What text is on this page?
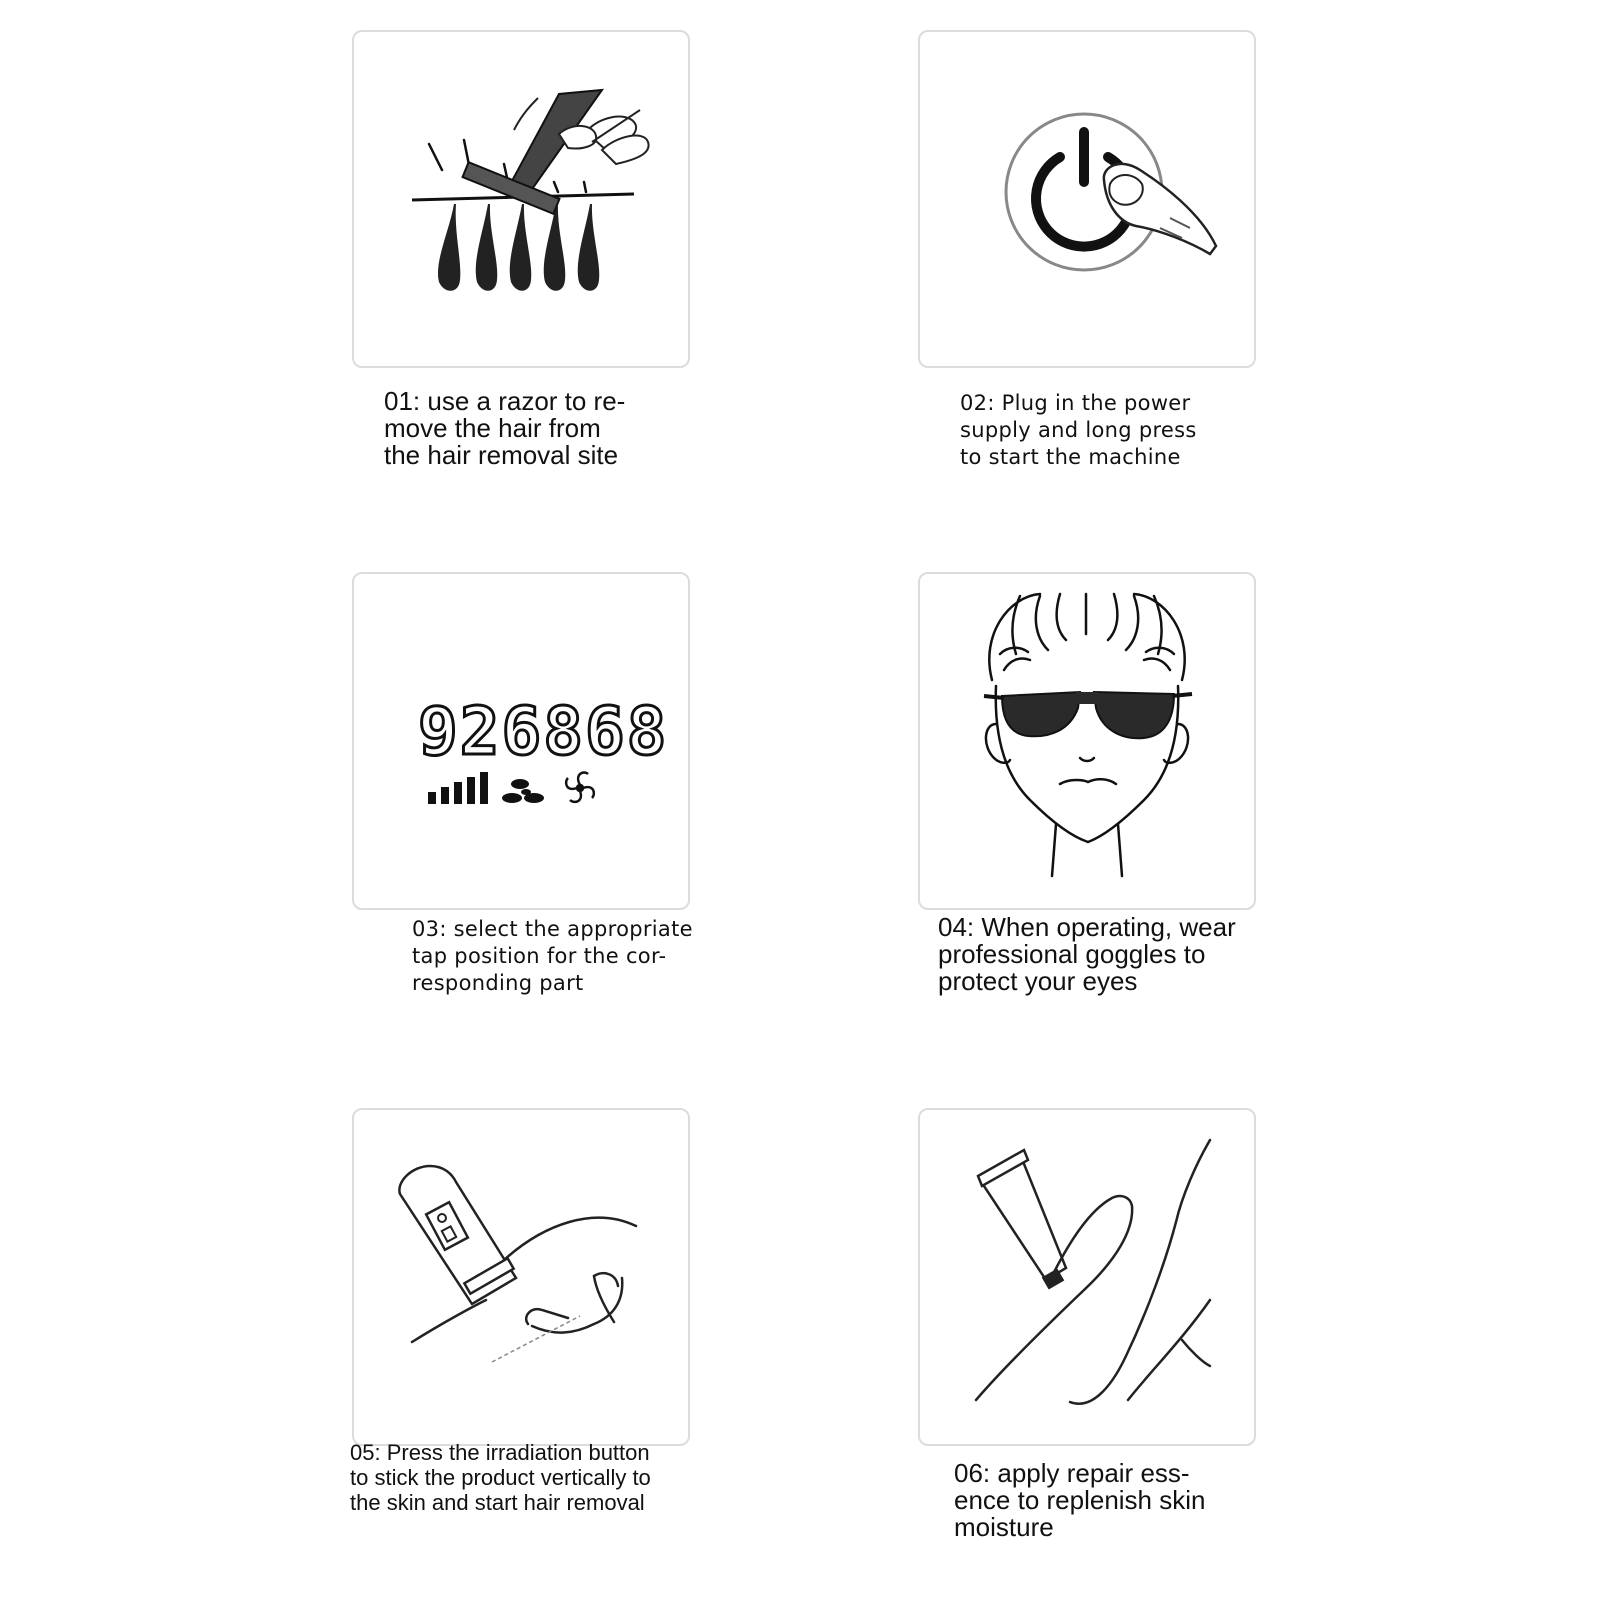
01: use a razor to re-
move the hair from
the hair removal site
02: Plug in the power
supply and long press
to start the machine
926868
03: select the appropriate
tap position for the cor-
responding part
04: When operating, wear
professional goggles to
protect your eyes
05: Press the irradiation button
to stick the product vertically to
the skin and start hair removal
06: apply repair ess-
ence to replenish skin
moisture
